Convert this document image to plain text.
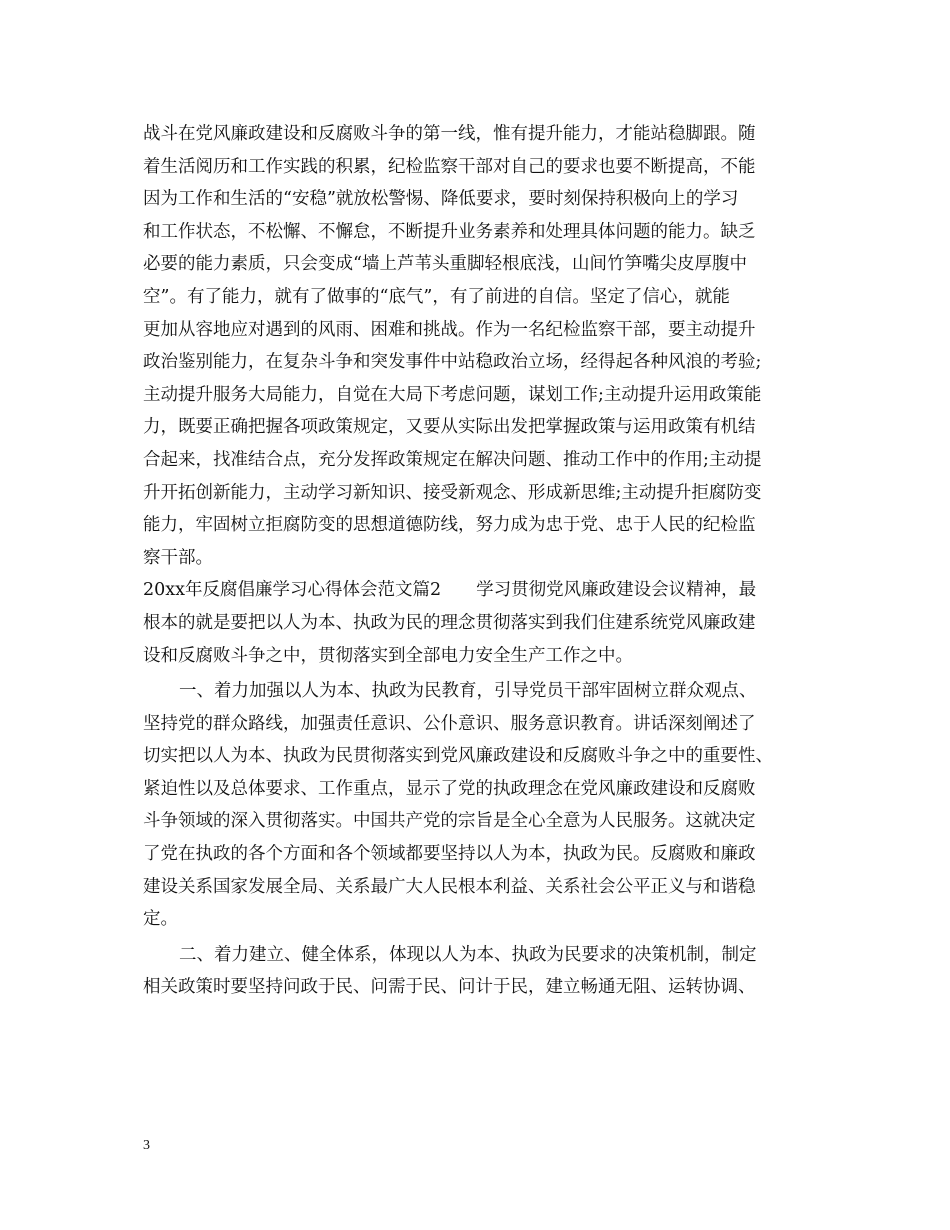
战斗在党风廉政建设和反腐败斗争的第一线，惟有提升能力，才能站稳脚跟。随
着生活阅历和工作实践的积累，纪检监察干部对自己的要求也要不断提高，不能
因为工作和生活的“安稳”就放松警惕、降低要求，要时刻保持积极向上的学习
和工作状态，不松懈、不懈怠，不断提升业务素养和处理具体问题的能力。缺乏
必要的能力素质，只会变成“墙上芦苇头重脚轻根底浅，山间竹笋嘴尖皮厚腹中
空”。有了能力，就有了做事的“底气”，有了前进的自信。坚定了信心，就能
更加从容地应对遇到的风雨、困难和挑战。作为一名纪检监察干部，要主动提升
政治鉴别能力，在复杂斗争和突发事件中站稳政治立场，经得起各种风浪的考验;
主动提升服务大局能力，自觉在大局下考虑问题，谋划工作;主动提升运用政策能
力，既要正确把握各项政策规定，又要从实际出发把掌握政策与运用政策有机结
合起来，找准结合点，充分发挥政策规定在解决问题、推动工作中的作用;主动提
升开拓创新能力，主动学习新知识、接受新观念、形成新思维;主动提升拒腐防变
能力，牢固树立拒腐防变的思想道德防线，努力成为忠于党、忠于人民的纪检监
察干部。
20xx年反腐倡廉学习心得体会范文篇2　　学习贯彻党风廉政建设会议精神，最
根本的就是要把以人为本、执政为民的理念贯彻落实到我们住建系统党风廉政建
设和反腐败斗争之中，贯彻落实到全部电力安全生产工作之中。
一、着力加强以人为本、执政为民教育，引导党员干部牢固树立群众观点、
坚持党的群众路线，加强责任意识、公仆意识、服务意识教育。讲话深刻阐述了
切实把以人为本、执政为民贯彻落实到党风廉政建设和反腐败斗争之中的重要性、
紧迫性以及总体要求、工作重点，显示了党的执政理念在党风廉政建设和反腐败
斗争领域的深入贯彻落实。中国共产党的宗旨是全心全意为人民服务。这就决定
了党在执政的各个方面和各个领域都要坚持以人为本，执政为民。反腐败和廉政
建设关系国家发展全局、关系最广大人民根本利益、关系社会公平正义与和谐稳
定。
二、着力建立、健全体系，体现以人为本、执政为民要求的决策机制，制定
相关政策时要坚持问政于民、问需于民、问计于民，建立畅通无阻、运转协调、
3
